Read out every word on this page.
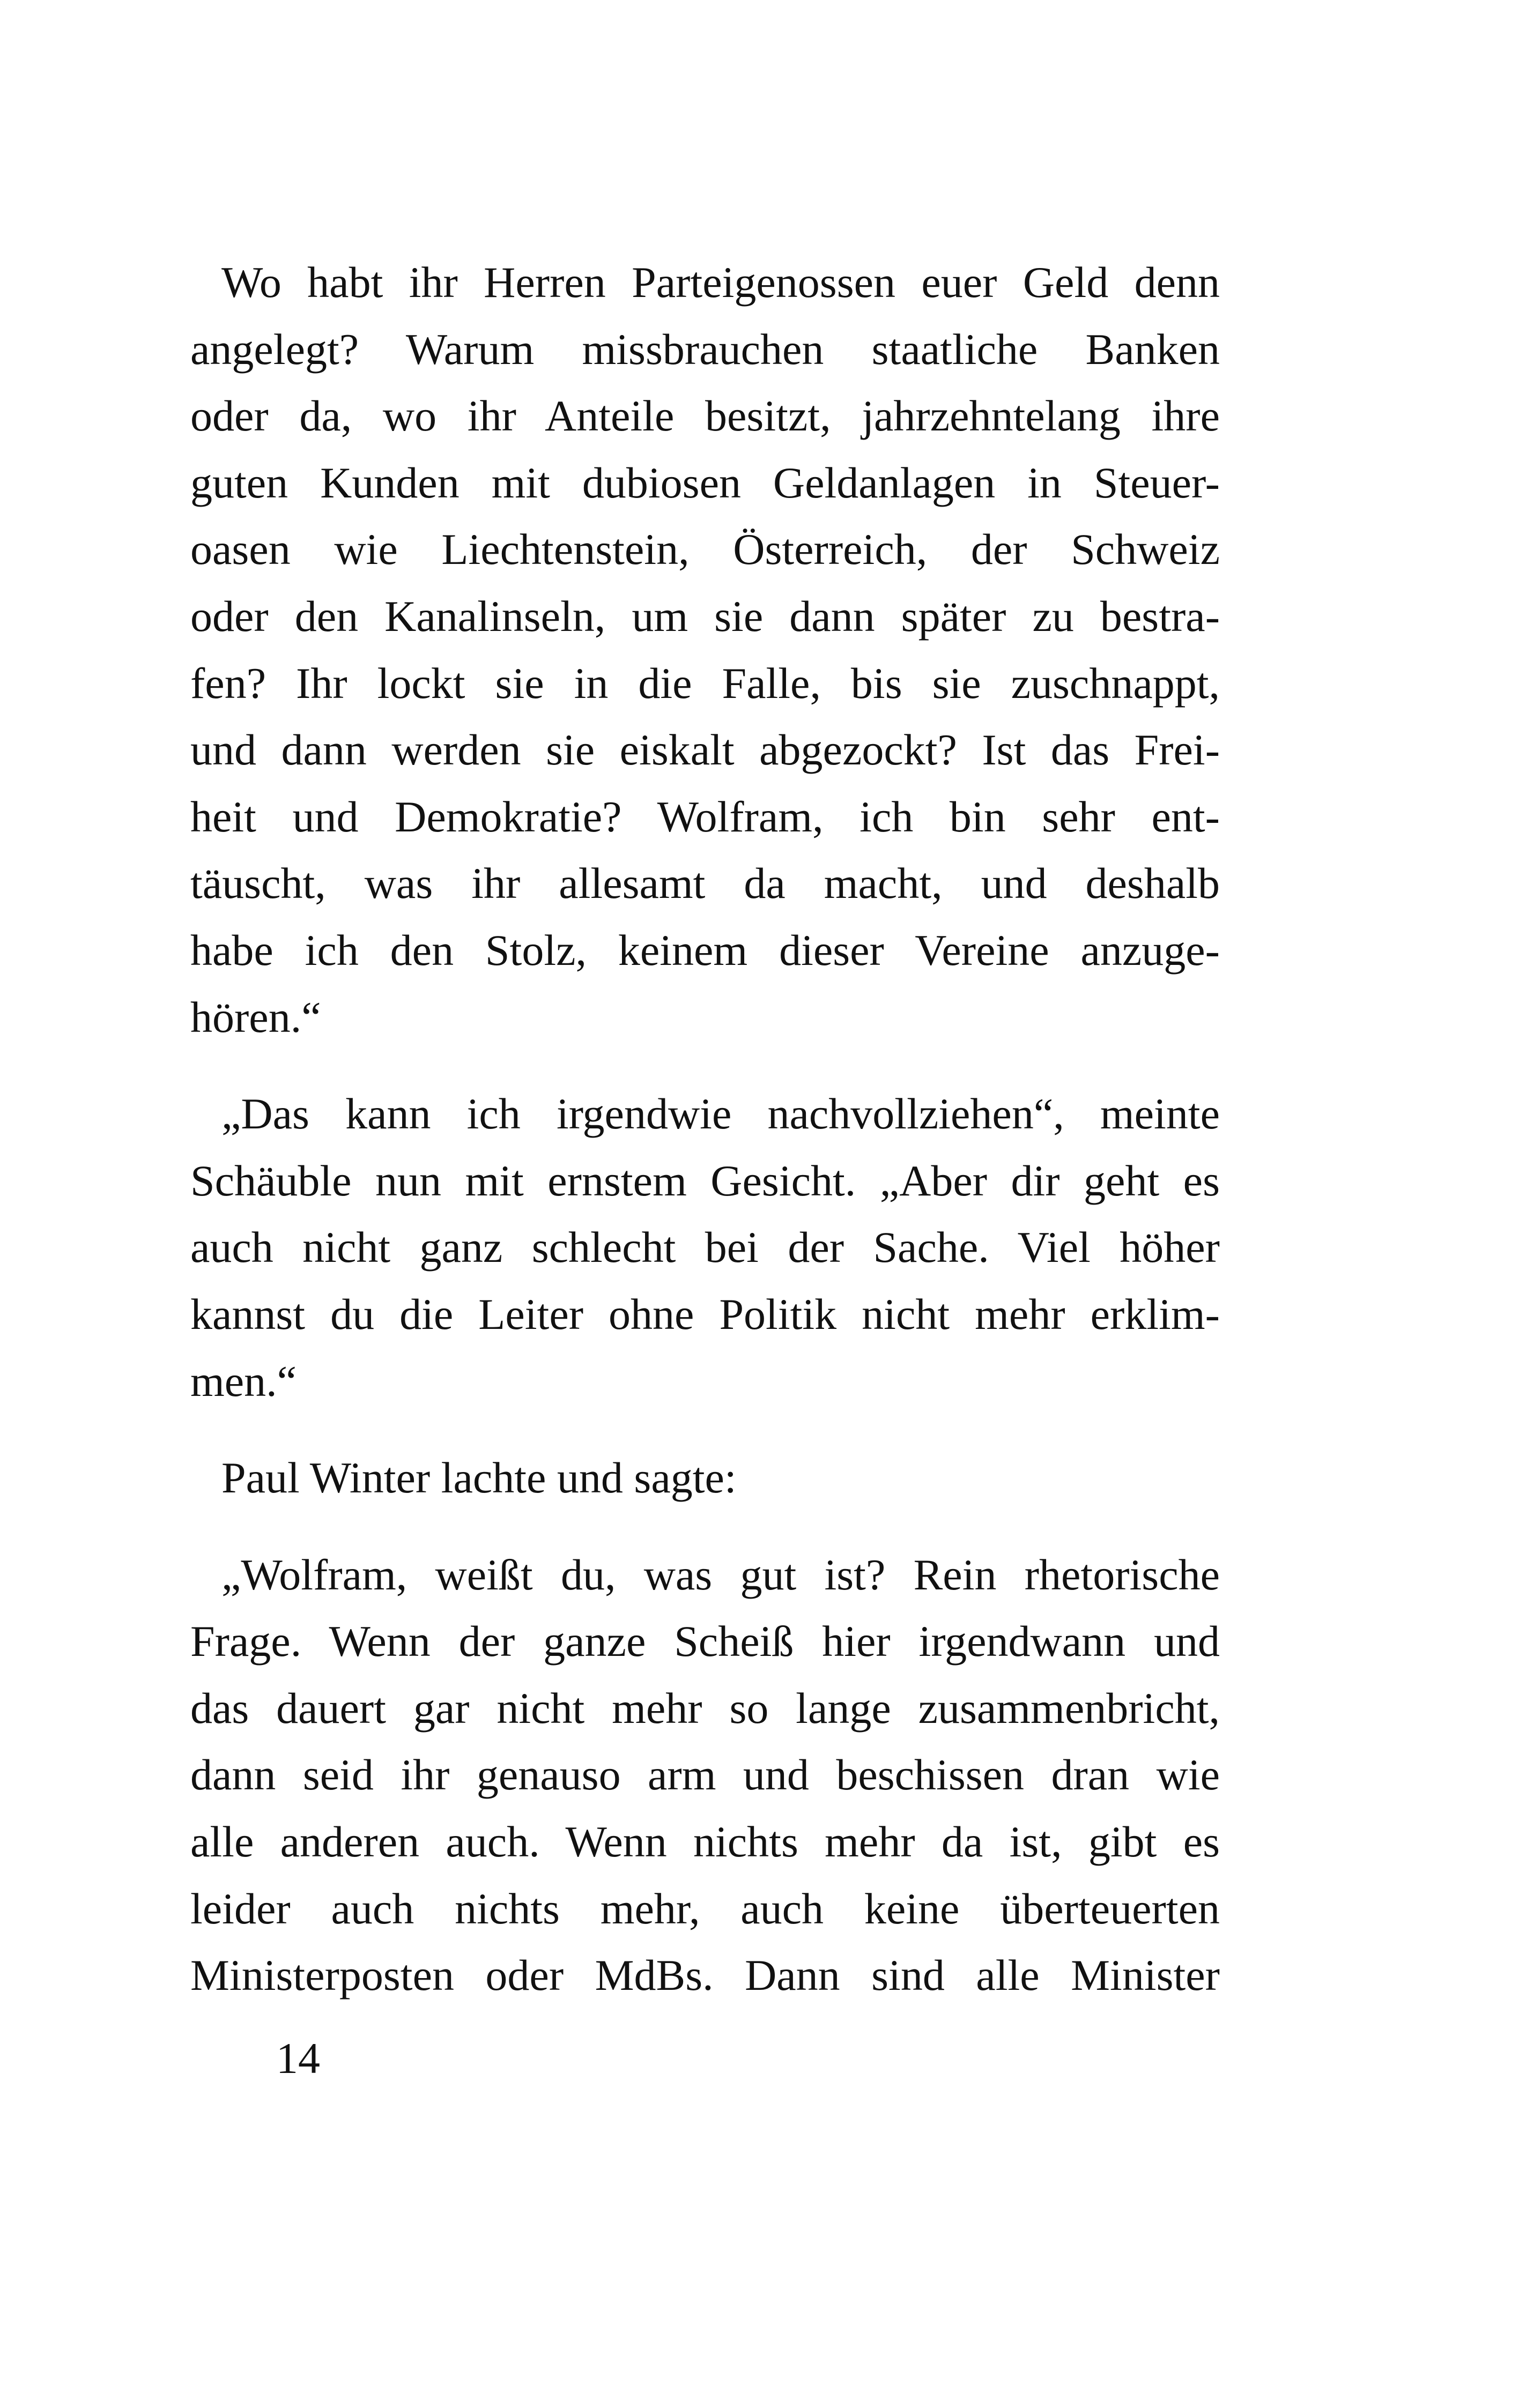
Wo habt ihr Herren Parteigenossen euer Geld denn
angelegt? Warum missbrauchen staatliche Banken
oder da, wo ihr Anteile besitzt, jahrzehntelang ihre
guten Kunden mit dubiosen Geldanlagen in Steuer-
oasen wie Liechtenstein, Österreich, der Schweiz
oder den Kanalinseln, um sie dann später zu bestra-
fen? Ihr lockt sie in die Falle, bis sie zuschnappt,
und dann werden sie eiskalt abgezockt? Ist das Frei-
heit und Demokratie? Wolfram, ich bin sehr ent-
täuscht, was ihr allesamt da macht, und deshalb
habe ich den Stolz, keinem dieser Vereine anzuge-
hören.“
„Das kann ich irgendwie nachvollziehen“, meinte
Schäuble nun mit ernstem Gesicht. „Aber dir geht es
auch nicht ganz schlecht bei der Sache. Viel höher
kannst du die Leiter ohne Politik nicht mehr erklim-
men.“
Paul Winter lachte und sagte:
„Wolfram, weißt du, was gut ist? Rein rhetorische
Frage. Wenn der ganze Scheiß hier irgendwann und
das dauert gar nicht mehr so lange zusammenbricht,
dann seid ihr genauso arm und beschissen dran wie
alle anderen auch. Wenn nichts mehr da ist, gibt es
leider auch nichts mehr, auch keine überteuerten
Ministerposten oder MdBs. Dann sind alle Minister
14
